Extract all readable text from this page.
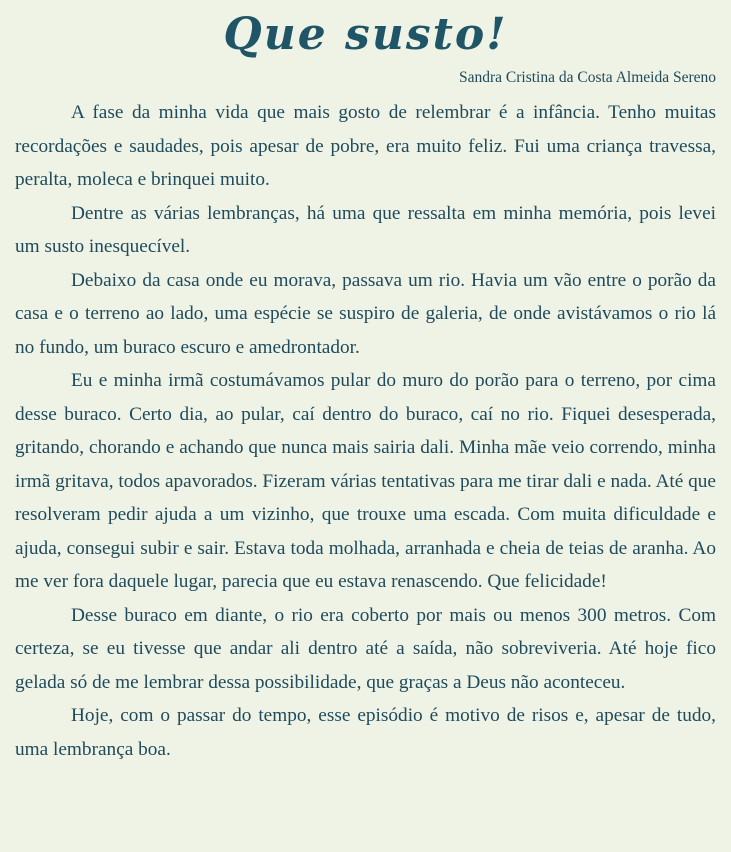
Que susto!
Sandra Cristina da Costa Almeida Sereno

A fase da minha vida que mais gosto de relembrar é a infância. Tenho muitas recordações e saudades, pois apesar de pobre, era muito feliz. Fui uma criança travessa, peralta, moleca e brinquei muito.

Dentre as várias lembranças, há uma que ressalta em minha memória, pois levei um susto inesquecível.

Debaixo da casa onde eu morava, passava um rio. Havia um vão entre o porão da casa e o terreno ao lado, uma espécie se suspiro de galeria, de onde avistávamos o rio lá no fundo, um buraco escuro e amedrontador.

Eu e minha irmã costumávamos pular do muro do porão para o terreno, por cima desse buraco. Certo dia, ao pular, caí dentro do buraco, caí no rio. Fiquei desesperada, gritando, chorando e achando que nunca mais sairia dali. Minha mãe veio correndo, minha irmã gritava, todos apavorados. Fizeram várias tentativas para me tirar dali e nada. Até que resolveram pedir ajuda a um vizinho, que trouxe uma escada. Com muita dificuldade e ajuda, consegui subir e sair. Estava toda molhada, arranhada e cheia de teias de aranha. Ao me ver fora daquele lugar, parecia que eu estava renascendo. Que felicidade!

Desse buraco em diante, o rio era coberto por mais ou menos 300 metros. Com certeza, se eu tivesse que andar ali dentro até a saída, não sobreviveria. Até hoje fico gelada só de me lembrar dessa possibilidade, que graças a Deus não aconteceu.

Hoje, com o passar do tempo, esse episódio é motivo de risos e, apesar de tudo, uma lembrança boa.
